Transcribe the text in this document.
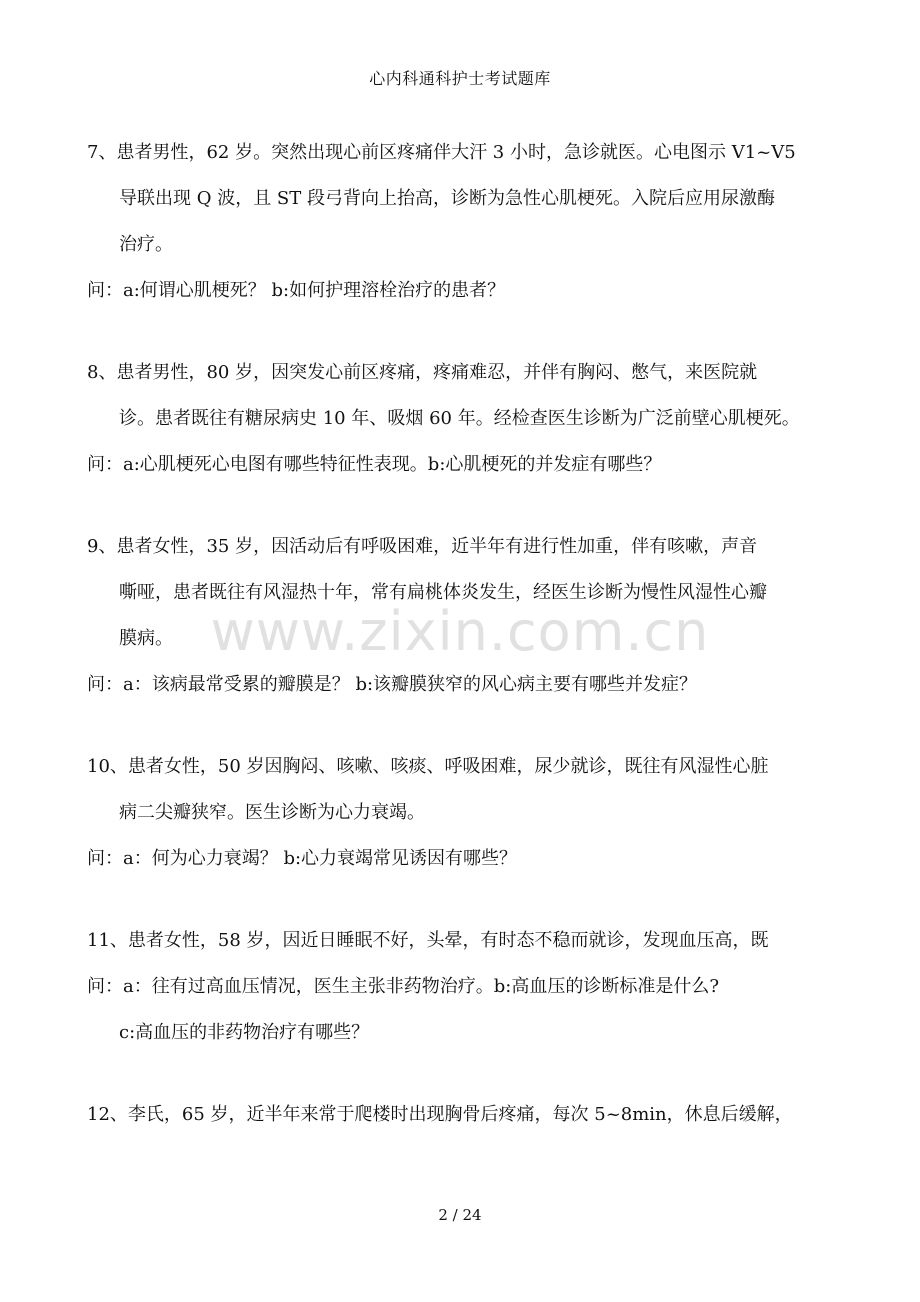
心内科通科护士考试题库
www.zixin.com.cn
7、患者男性，62 岁。突然出现心前区疼痛伴大汗 3 小时，急诊就医。心电图示 V1~V5
导联出现 Q 波，且 ST 段弓背向上抬高，诊断为急性心肌梗死。入院后应用尿激酶
治疗。
问：a:何谓心肌梗死？ b:如何护理溶栓治疗的患者？
8、患者男性，80 岁，因突发心前区疼痛，疼痛难忍，并伴有胸闷、憋气，来医院就
诊。患者既往有糖尿病史 10 年、吸烟 60 年。经检查医生诊断为广泛前壁心肌梗死。
问：a:心肌梗死心电图有哪些特征性表现。b:心肌梗死的并发症有哪些？
9、患者女性，35 岁，因活动后有呼吸困难，近半年有进行性加重，伴有咳嗽，声音
嘶哑，患者既往有风湿热十年，常有扁桃体炎发生，经医生诊断为慢性风湿性心瓣
膜病。
问：a：该病最常受累的瓣膜是？ b:该瓣膜狭窄的风心病主要有哪些并发症？
10、患者女性，50 岁因胸闷、咳嗽、咳痰、呼吸困难，尿少就诊，既往有风湿性心脏
病二尖瓣狭窄。医生诊断为心力衰竭。
问：a：何为心力衰竭？ b:心力衰竭常见诱因有哪些？
11、患者女性，58 岁，因近日睡眠不好，头晕，有时态不稳而就诊，发现血压高，既
问：a：往有过高血压情况，医生主张非药物治疗。b:高血压的诊断标准是什么?
c:高血压的非药物治疗有哪些？
12、李氏，65 岁，近半年来常于爬楼时出现胸骨后疼痛，每次 5~8min，休息后缓解，
2 / 24
